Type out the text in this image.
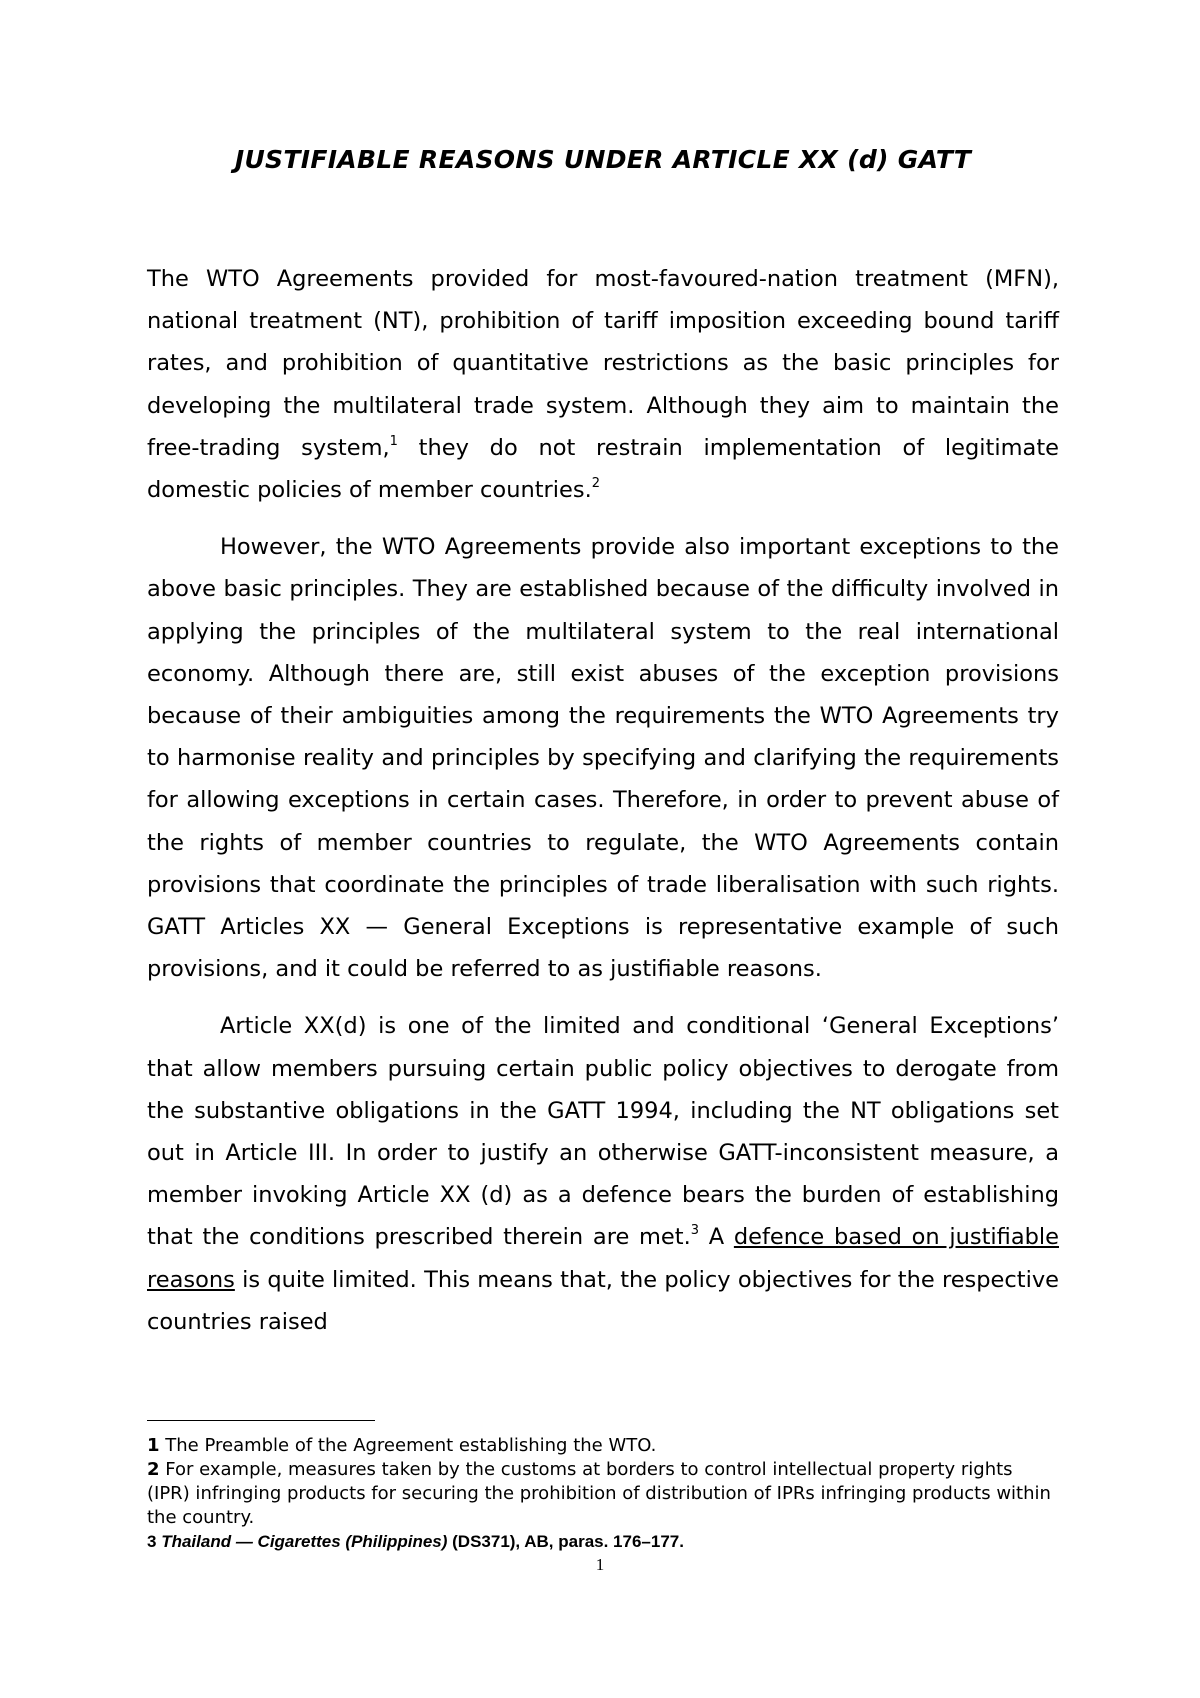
JUSTIFIABLE REASONS UNDER ARTICLE XX (d) GATT

The WTO Agreements provided for most-favoured-nation treatment (MFN), national treatment (NT), prohibition of tariff imposition exceeding bound tariff rates, and prohibition of quantitative restrictions as the basic principles for developing the multilateral trade system. Although they aim to maintain the free-trading system,$^1$ they do not restrain implementation of legitimate domestic policies of member countries.$^2$

However, the WTO Agreements provide also important exceptions to the above basic principles. They are established because of the difficulty involved in applying the principles of the multilateral system to the real international economy. Although there are, still exist abuses of the exception provisions because of their ambiguities among the requirements the WTO Agreements try to harmonise reality and principles by specifying and clarifying the requirements for allowing exceptions in certain cases. Therefore, in order to prevent abuse of the rights of member countries to regulate, the WTO Agreements contain provisions that coordinate the principles of trade liberalisation with such rights. GATT Articles XX — General Exceptions is representative example of such provisions, and it could be referred to as justifiable reasons.

Article XX(d) is one of the limited and conditional ‘General Exceptions’ that allow members pursuing certain public policy objectives to derogate from the substantive obligations in the GATT 1994, including the NT obligations set out in Article III. In order to justify an otherwise GATT-inconsistent measure, a member invoking Article XX (d) as a defence bears the burden of establishing that the conditions prescribed therein are met.$^3$ A defence based on justifiable reasons is quite limited. This means that, the policy objectives for the respective countries raised

1 The Preamble of the Agreement establishing the WTO.

2 For example, measures taken by the customs at borders to control intellectual property rights (IPR) infringing products for securing the prohibition of distribution of IPRs infringing products within the country.

3 Thailand — Cigarettes (Philippines) (DS371), AB, paras. 176–177.

1
